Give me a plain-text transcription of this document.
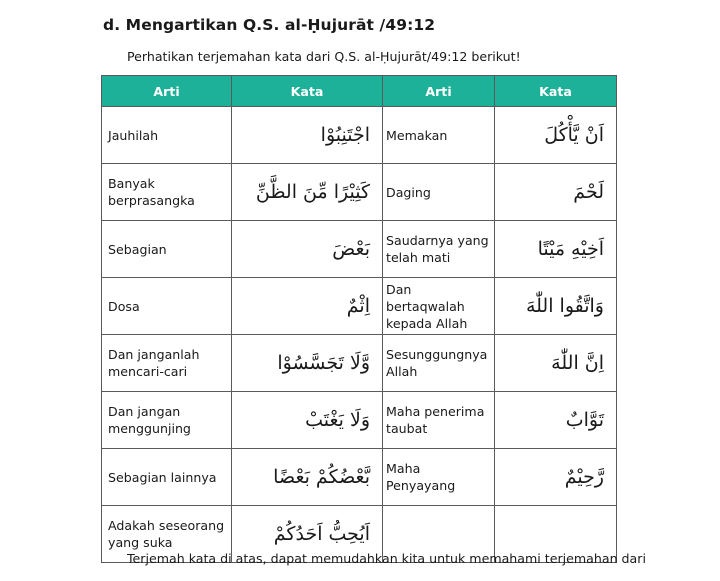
d. Mengartikan Q.S. al-Ḥujurāt /49:12
Perhatikan terjemahan kata dari Q.S. al-Ḥujurāt/49:12 berikut!
Arti	Kata	Arti	Kata
Jauhilah	اجْتَنِبُوْا	Memakan	اَنْ يَّأْكُلَ
Banyak berprasangka	كَثِيْرًا مِّنَ الظَّنِّ	Daging	لَحْمَ
Sebagian	بَعْضَ	Saudarnya yang telah mati	اَخِيْهِ مَيْتًا
Dosa	اِثْمٌ	Dan bertaqwalah kepada Allah	وَاتَّقُوا اللّٰهَ
Dan janganlah mencari-cari	وَّلَا تَجَسَّسُوْا	Sesunggungnya Allah	اِنَّ اللّٰهَ
Dan jangan menggunjing	وَلَا يَغْتَبْ	Maha penerima taubat	تَوَّابٌ
Sebagian lainnya	بَّعْضُكُمْ بَعْضًا	Maha Penyayang	رَّحِيْمٌ
Adakah seseorang yang suka	اَيُحِبُّ اَحَدُكُمْ		
Terjemah kata di atas, dapat memudahkan kita untuk memahami terjemahan dari
